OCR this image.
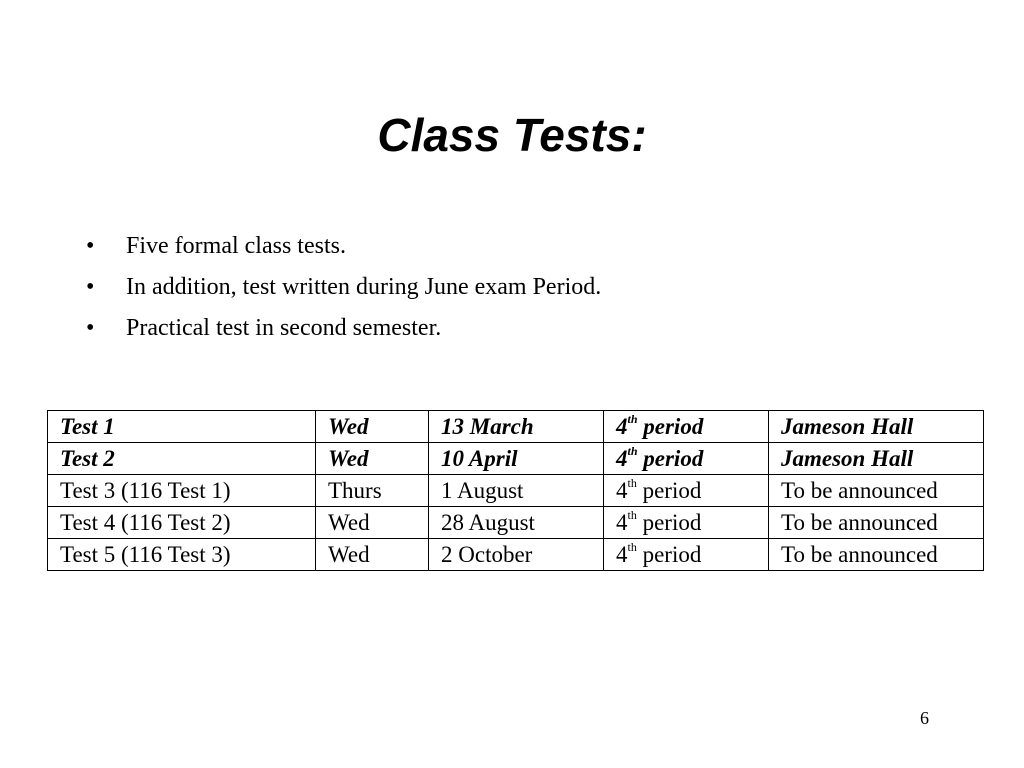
Class Tests:
•	Five formal class tests.
•	In addition, test written during June exam Period.
•	Practical test in second semester.
Test 1	Wed	13 March	4th period	Jameson Hall
Test 2	Wed	10 April	4th period	Jameson Hall
Test 3 (116 Test 1)	Thurs	1 August	4th period	To be announced
Test 4 (116 Test 2)	Wed	28 August	4th period	To be announced
Test 5 (116 Test 3)	Wed	2 October	4th period	To be announced
6
